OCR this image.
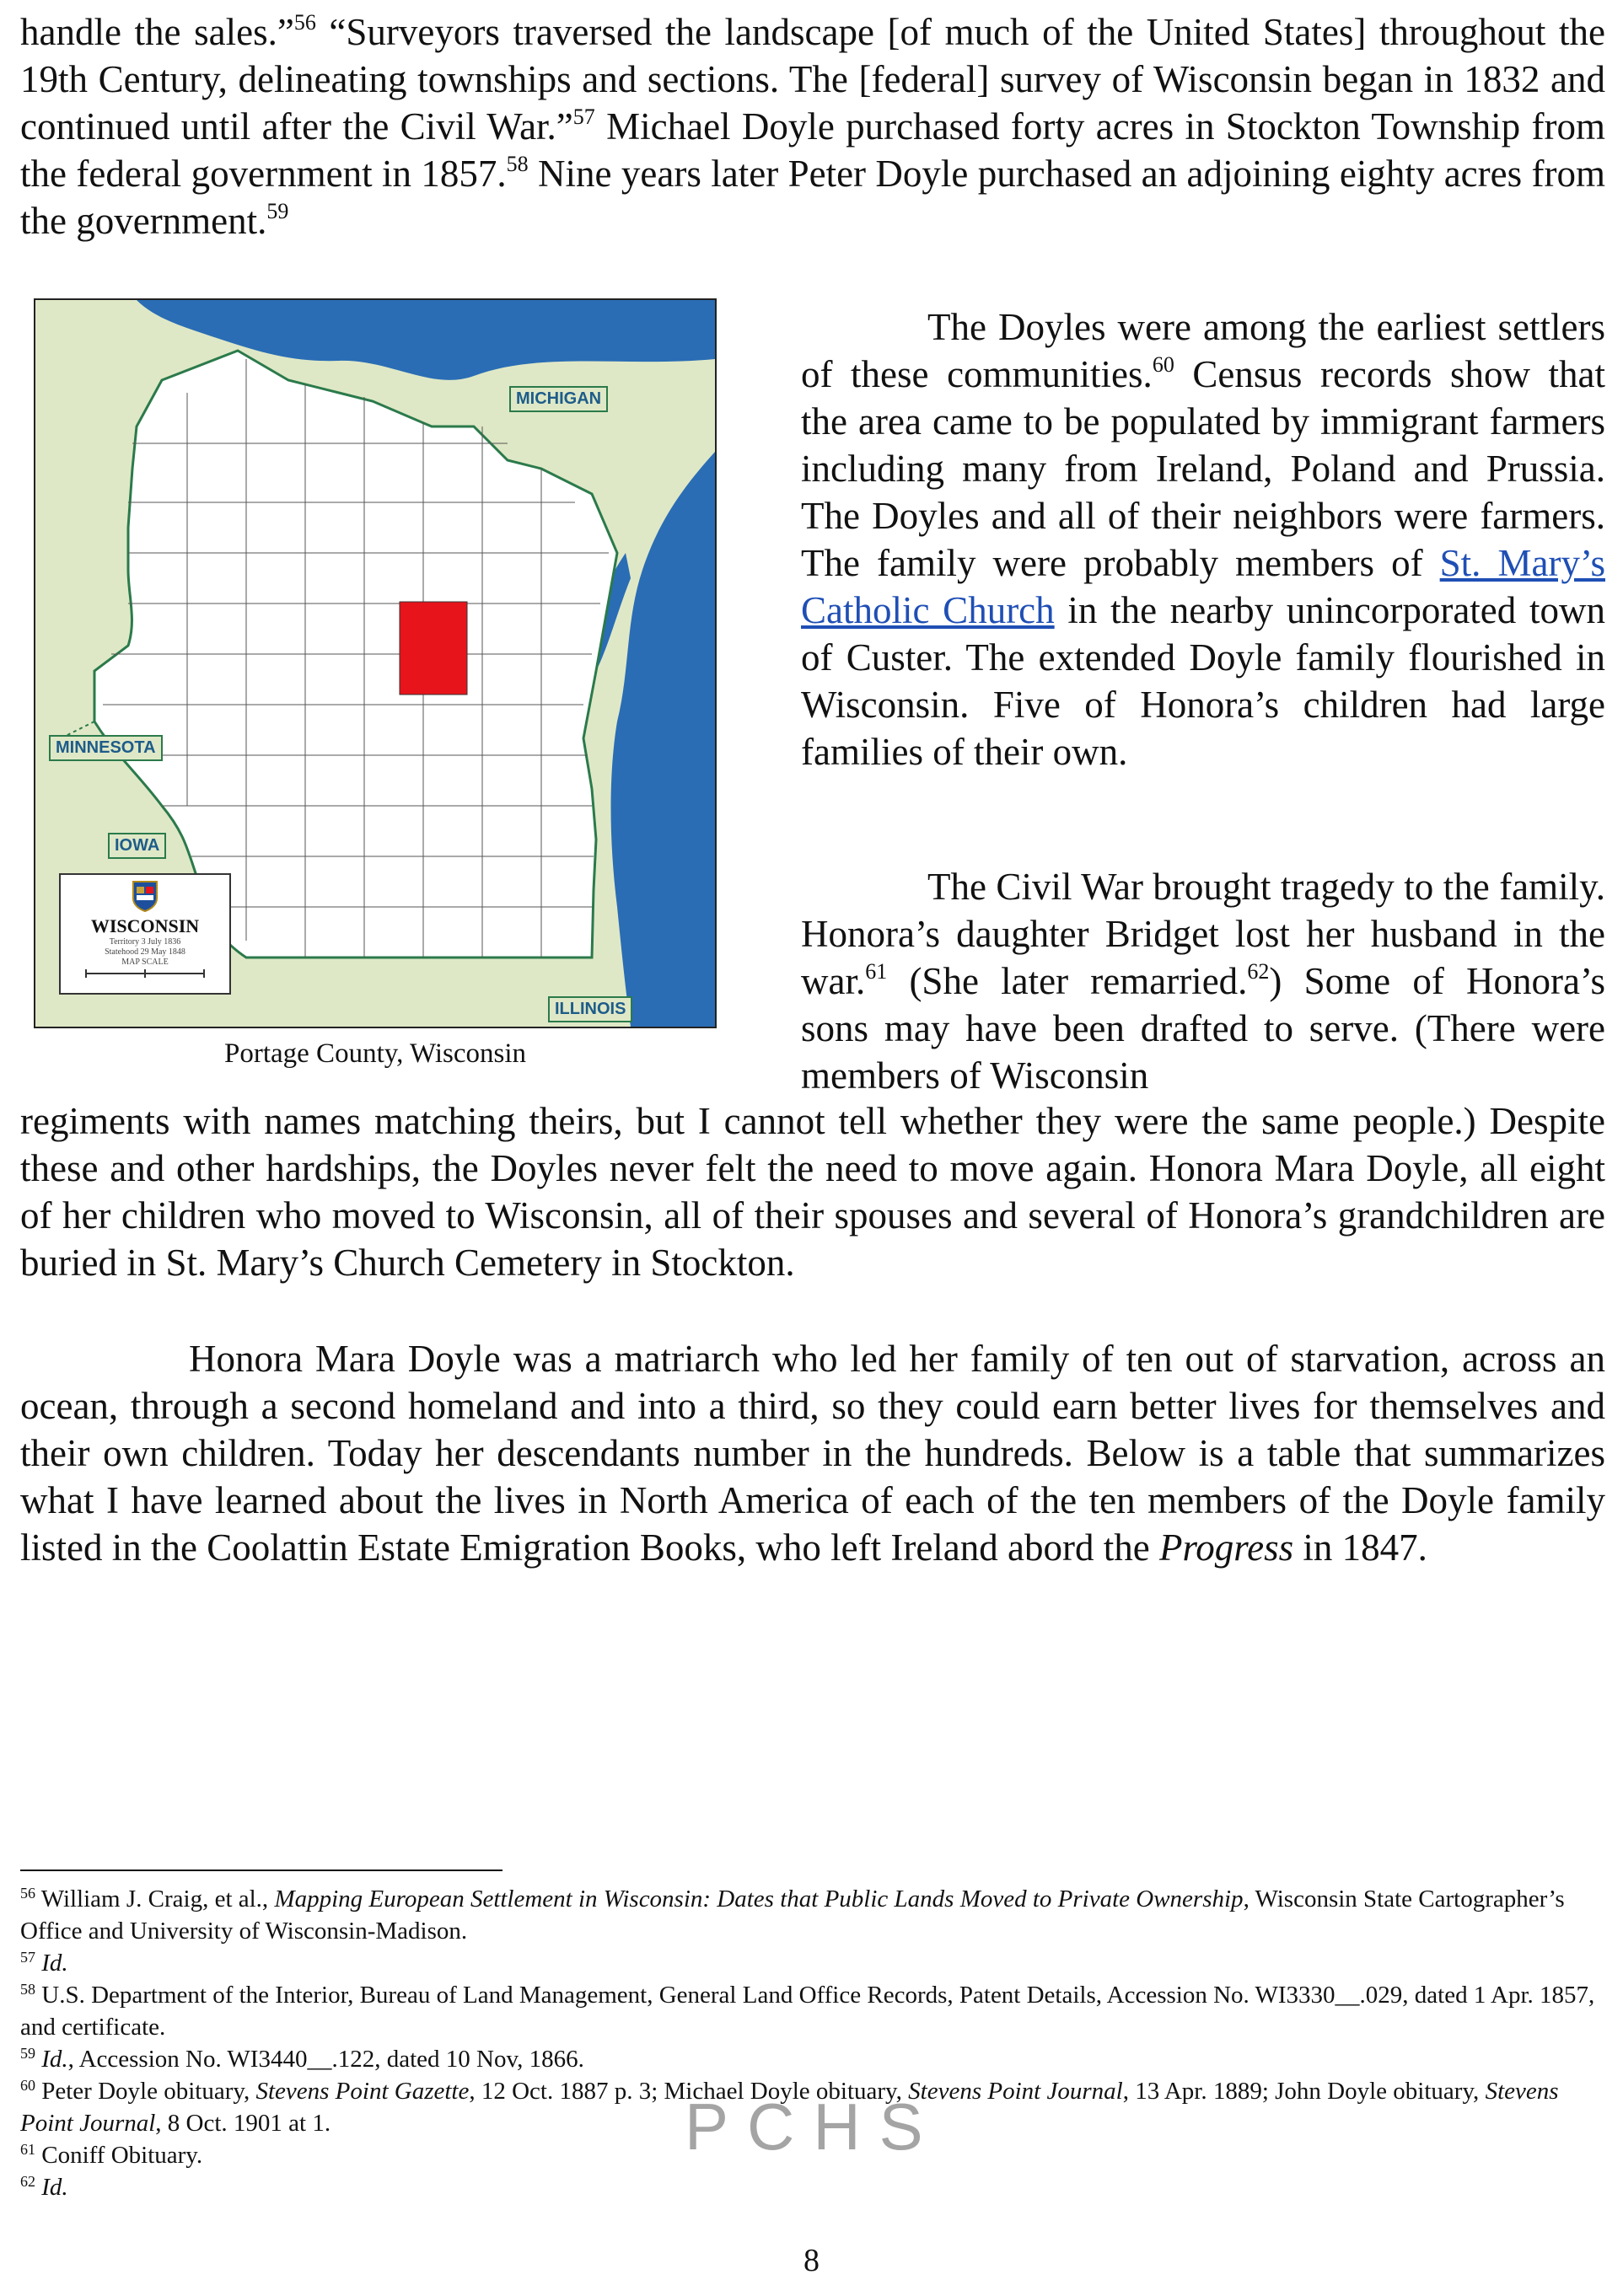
handle the sales.”$^{56}$ “Surveyors traversed the landscape [of much of the United States] throughout the 19th Century, delineating townships and sections. The [federal] survey of Wisconsin began in 1832 and continued until after the Civil War.”$^{57}$ Michael Doyle purchased forty acres in Stockton Township from the federal government in 1857.58 Nine years later Peter Doyle purchased an adjoining eighty acres from the government.$^{59}$

MICHIGAN
MINNESOTA
IOWA
ILLINOIS
WISCONSIN
Territory 3 July 1836
Statehood 29 May 1848
MAP SCALE
Portage County, Wisconsin

The Doyles were among the earliest settlers of these communities.$^{60}$ Census records show that the area came to be populated by immigrant farmers including many from Ireland, Poland and Prussia. The Doyles and all of their neighbors were farmers. The family were probably members of St. Mary’s Catholic Church in the nearby unincorporated town of Custer. The extended Doyle family flourished in Wisconsin. Five of Honora’s children had large families of their own.

The Civil War brought tragedy to the family. Honora’s daughter Bridget lost her husband in the war.$^{61}$ (She later remarried.$^{62}$) Some of Honora’s sons may have been drafted to serve. (There were members of Wisconsin

regiments with names matching theirs, but I cannot tell whether they were the same people.) Despite these and other hardships, the Doyles never felt the need to move again. Honora Mara Doyle, all eight of her children who moved to Wisconsin, all of their spouses and several of Honora’s grandchildren are buried in St. Mary’s Church Cemetery in Stockton.

Honora Mara Doyle was a matriarch who led her family of ten out of starvation, across an ocean, through a second homeland and into a third, so they could earn better lives for themselves and their own children. Today her descendants number in the hundreds. Below is a table that summarizes what I have learned about the lives in North America of each of the ten members of the Doyle family listed in the Coolattin Estate Emigration Books, who left Ireland abord the Progress in 1847.

$^{56}$ William J. Craig, et al., Mapping European Settlement in Wisconsin: Dates that Public Lands Moved to Private Ownership, Wisconsin State Cartographer’s Office and University of Wisconsin-Madison.
$^{57}$ Id.
$^{58}$ U.S. Department of the Interior, Bureau of Land Management, General Land Office Records, Patent Details, Accession No. WI3330__.029, dated 1 Apr. 1857, and certificate.
$^{59}$ Id., Accession No. WI3440__.122, dated 10 Nov, 1866.
$^{60}$ Peter Doyle obituary, Stevens Point Gazette, 12 Oct. 1887 p. 3; Michael Doyle obituary, Stevens Point Journal, 13 Apr. 1889; John Doyle obituary, Stevens Point Journal, 8 Oct. 1901 at 1.
$^{61}$ Coniff Obituary.
$^{62}$ Id.
PCHS
8
